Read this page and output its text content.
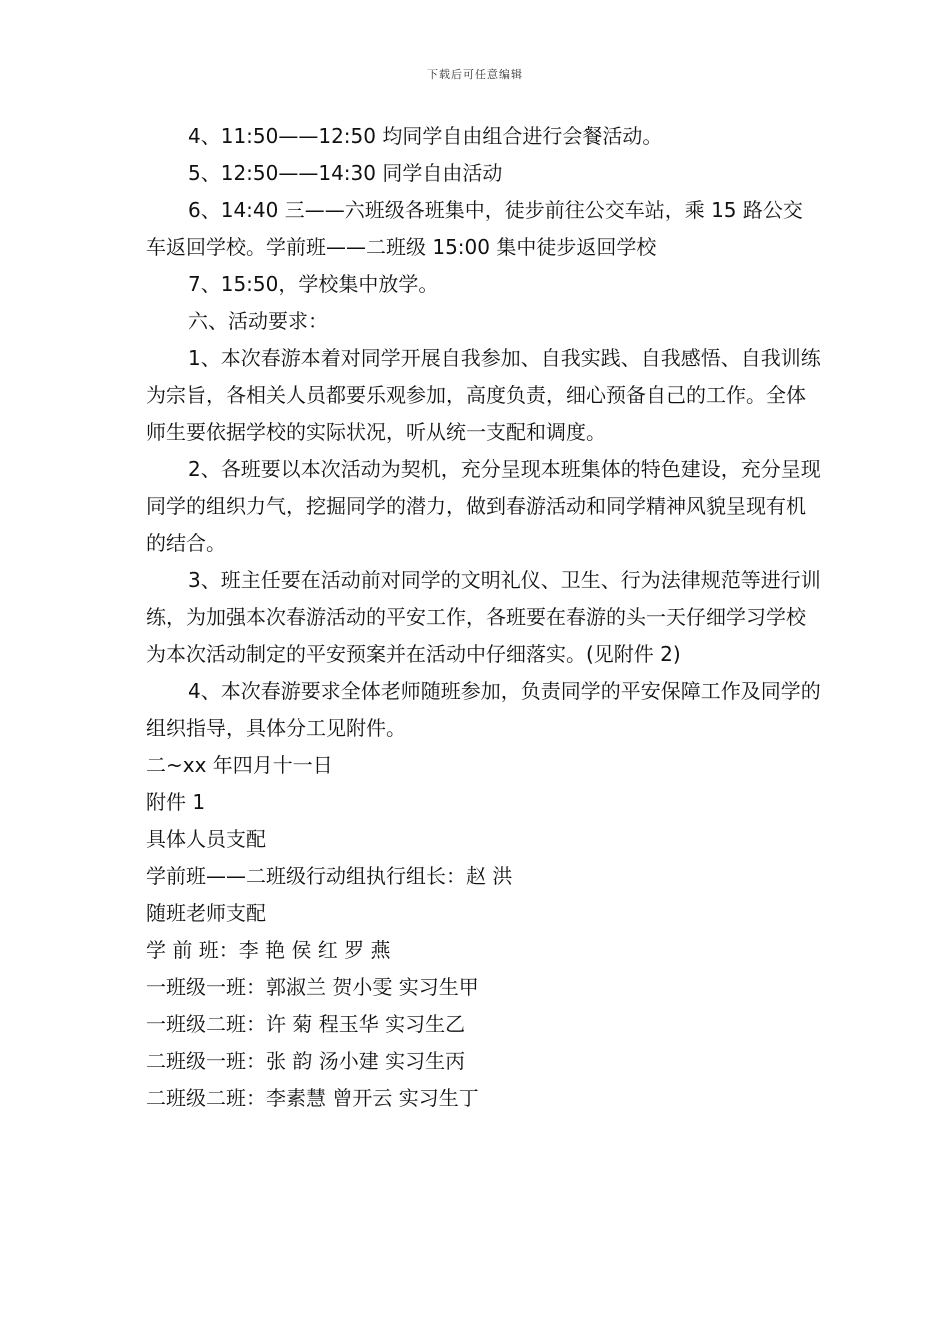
下载后可任意编辑

4、11:50——12:50 均同学自由组合进行会餐活动。

5、12:50——14:30 同学自由活动

6、14:40 三——六班级各班集中，徒步前往公交车站，乘 15 路公交车返回学校。学前班——二班级 15:00 集中徒步返回学校

7、15:50，学校集中放学。

六、活动要求：

1、本次春游本着对同学开展自我参加、自我实践、自我感悟、自我训练为宗旨，各相关人员都要乐观参加，高度负责，细心预备自己的工作。全体师生要依据学校的实际状况，听从统一支配和调度。

2、各班要以本次活动为契机，充分呈现本班集体的特色建设，充分呈现同学的组织力气，挖掘同学的潜力，做到春游活动和同学精神风貌呈现有机的结合。

3、班主任要在活动前对同学的文明礼仪、卫生、行为法律规范等进行训练，为加强本次春游活动的平安工作，各班要在春游的头一天仔细学习学校为本次活动制定的平安预案并在活动中仔细落实。(见附件 2)

4、本次春游要求全体老师随班参加，负责同学的平安保障工作及同学的组织指导，具体分工见附件。

二~xx 年四月十一日

附件 1

具体人员支配

学前班——二班级行动组执行组长：赵 洪

随班老师支配

学 前 班：李 艳 侯 红 罗 燕

一班级一班：郭淑兰 贺小雯 实习生甲

一班级二班：许 菊 程玉华 实习生乙

二班级一班：张 韵 汤小建 实习生丙

二班级二班：李素慧 曾开云 实习生丁
